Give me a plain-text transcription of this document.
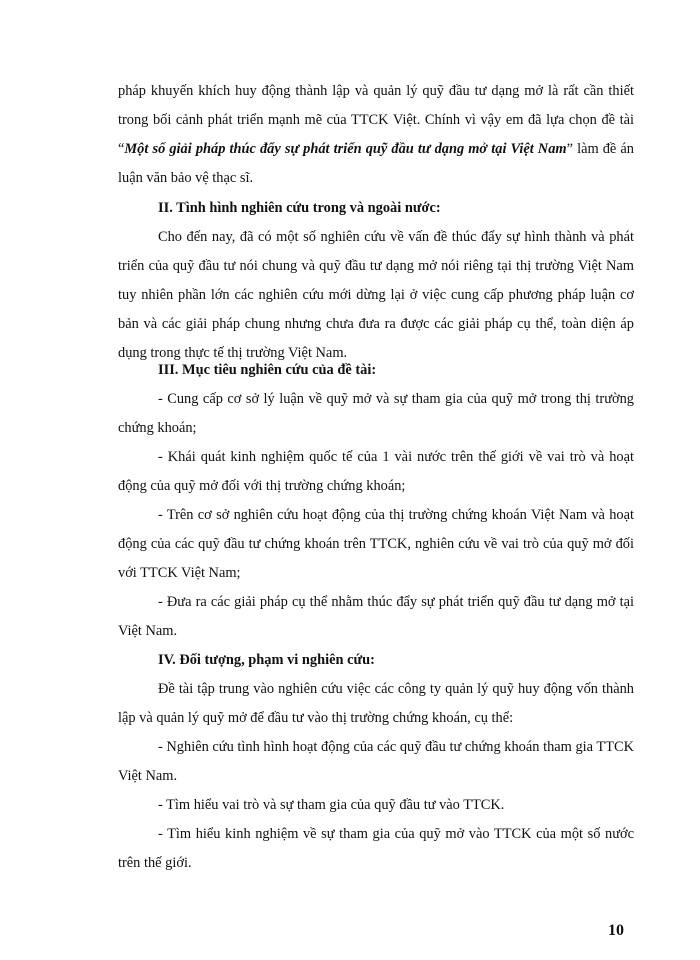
pháp khuyến khích huy động thành lập và quản lý quỹ đầu tư dạng mở là rất cần thiết trong bối cảnh phát triển mạnh mẽ của TTCK Việt. Chính vì vậy em đã lựa chọn đề tài “Một số giải pháp thúc đẩy sự phát triển quỹ đầu tư dạng mở tại Việt Nam” làm đề án luận văn bảo vệ thạc sĩ.

II. Tình hình nghiên cứu trong và ngoài nước:

Cho đến nay, đã có một số nghiên cứu về vấn đề thúc đẩy sự hình thành và phát triển của quỹ đầu tư nói chung và quỹ đầu tư dạng mở nói riêng tại thị trường Việt Nam tuy nhiên phần lớn các nghiên cứu mới dừng lại ở việc cung cấp phương pháp luận cơ bản và các giải pháp chung nhưng chưa đưa ra được các giải pháp cụ thể, toàn diện áp dụng trong thực tế thị trường Việt Nam.

III. Mục tiêu nghiên cứu của đề tài:

- Cung cấp cơ sở lý luận về quỹ mở và sự tham gia của quỹ mở trong thị trường chứng khoán;

- Khái quát kinh nghiệm quốc tế của 1 vài nước trên thế giới về vai trò và hoạt động của quỹ mở đối với thị trường chứng khoán;

- Trên cơ sở nghiên cứu hoạt động của thị trường chứng khoán Việt Nam và hoạt động của các quỹ đầu tư chứng khoán trên TTCK, nghiên cứu về vai trò của quỹ mở đối với TTCK Việt Nam;

- Đưa ra các giải pháp cụ thể nhằm thúc đẩy sự phát triển quỹ đầu tư dạng mở tại Việt Nam.

IV. Đối tượng, phạm vi nghiên cứu:

Đề tài tập trung vào nghiên cứu việc các công ty quản lý quỹ huy động vốn thành lập và quản lý quỹ mở để đầu tư vào thị trường chứng khoán, cụ thể:

- Nghiên cứu tình hình hoạt động của các quỹ đầu tư chứng khoán tham gia TTCK Việt Nam.

- Tìm hiểu vai trò và sự tham gia của quỹ đầu tư vào TTCK.

- Tìm hiểu kinh nghiệm về sự tham gia của quỹ mở vào TTCK của một số nước trên thế giới.

10
